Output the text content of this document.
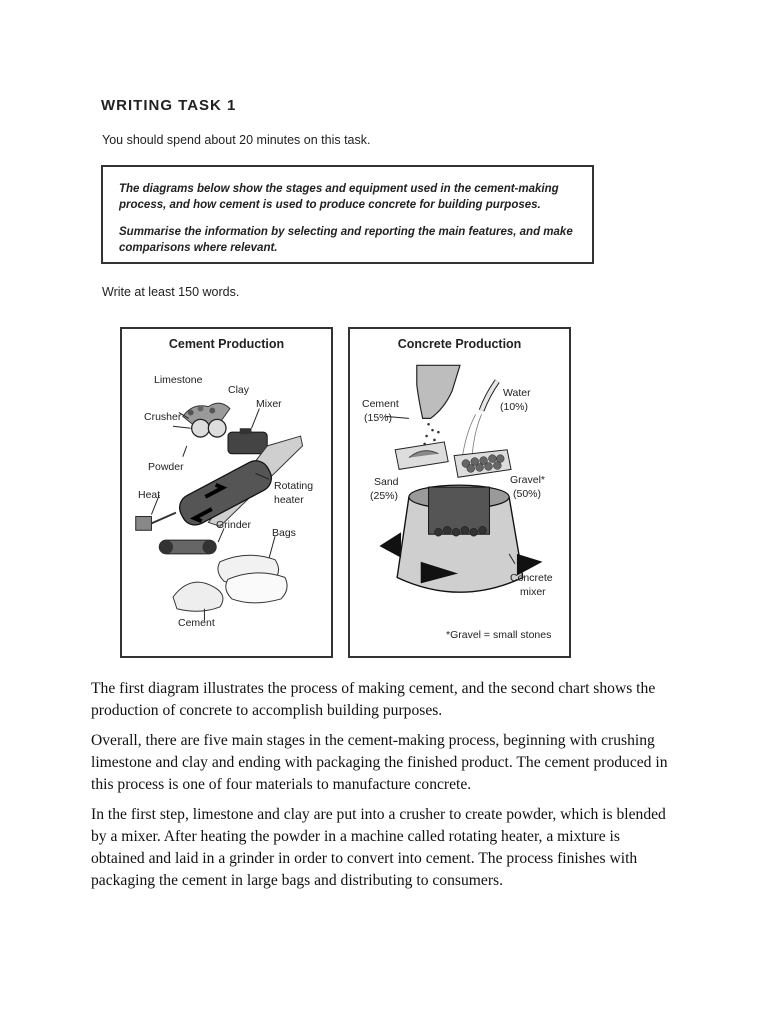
WRITING TASK 1
You should spend about 20 minutes on this task.

The diagrams below show the stages and equipment used in the cement-making process, and how cement is used to produce concrete for building purposes.

Summarise the information by selecting and reporting the main features, and make comparisons where relevant.

Write at least 150 words.
Cement Production
Limestone
Clay
Crusher
Mixer
Powder
Rotating
heater
Heat
Grinder
Bags
Cement
Concrete Production
Cement
(15%)
Water
(10%)
Sand
(25%)
Gravel*
(50%)
Concrete
mixer
*Gravel = small stones

The first diagram illustrates the process of making cement, and the second chart shows the production of concrete to accomplish building purposes.

Overall, there are five main stages in the cement-making process, beginning with crushing limestone and clay and ending with packaging the finished product. The cement produced in this process is one of four materials to manufacture concrete.

In the first step, limestone and clay are put into a crusher to create powder, which is blended by a mixer. After heating the powder in a machine called rotating heater, a mixture is obtained and laid in a grinder in order to convert into cement. The process finishes with packaging the cement in large bags and distributing to consumers.
